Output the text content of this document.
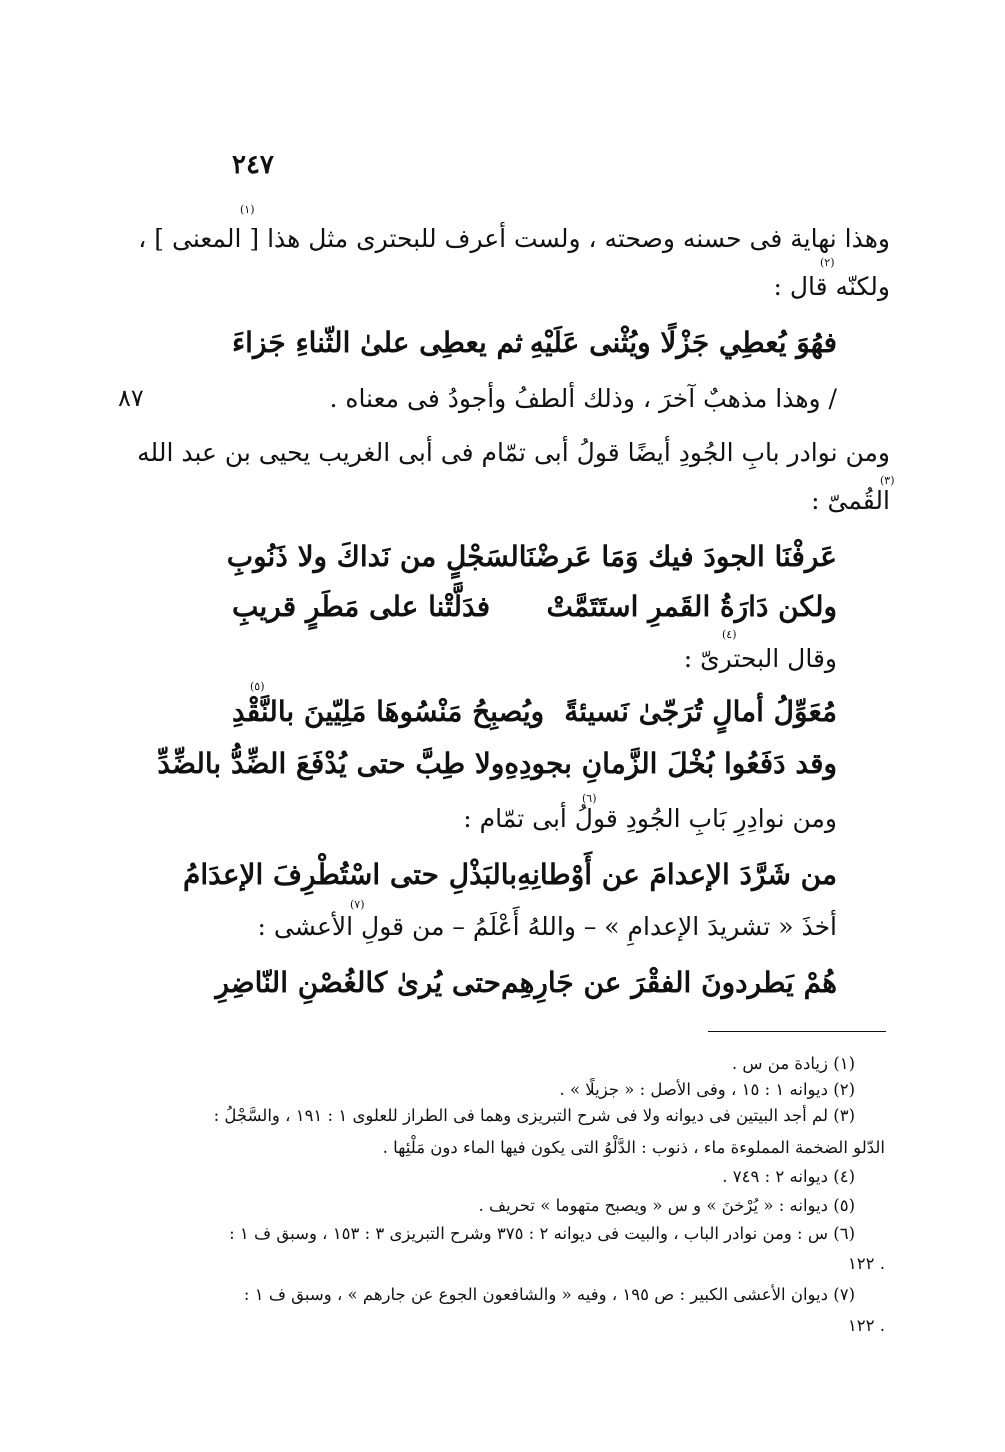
٢٤٧
٨٧
(١)
(٢)
(٣)
(٤)
(٥)
(٦)
(٧)
وهذا نهاية فى حسنه وصحته ، ولست أعرف للبحترى مثل هذا [ المعنى ] ،
ولكنّه قال :
فهُوَ يُعطِي جَزْلًا ويُثْنى عَلَيْهِ
ثم يعطِى علىٰ الثّناءِ جَزاءَ
/ وهذا مذهبٌ آخرَ ، وذلك ألطفُ وأجودُ فى معناه .
ومن نوادر بابِ الجُودِ أيضًا قولُ أبى تمّام فى أبى الغريب يحيى بن عبد الله
القُمىّ :
عَرفْنَا الجودَ فيك وَمَا عَرضْنَا
لسَجْلٍ من نَداكَ ولا ذَنُوبِ
ولكن دَارَةُ القَمرِ استَتَمَّتْ
فدَلَّتْنا على مَطَرٍ قريبِ
وقال البحترىّ :
مُعَوِّلُ أمالٍ تُرَجّىٰ نَسيئةً
ويُصبِحُ مَنْسُوهَا مَلِيّينَ بالنَّقْدِ
وقد دَفَعُوا بُخْلَ الزَّمانِ بجودِهِ
ولا طِبَّ حتى يُدْفَعَ الضِّدُّ بالضِّدِّ
ومن نوادِرِ بَابِ الجُودِ قولُ أبى تمّام :
من شَرَّدَ الإعدامَ عن أَوْطانِهِ
بالبَذْلِ حتى اسْتُطْرِفَ الإعدَامُ
أخذَ « تشريدَ الإعدامِ » – واللهُ أَعْلَمُ – من قولِ الأعشى :
هُمْ يَطردونَ الفقْرَ عن جَارِهِم
حتى يُرىٰ كالغُصْنِ النّاضِرِ
(١) زيادة من س .
(٢) ديوانه ١ : ١٥ ، وفى الأصل : « جزيلًا » .
(٣) لم أجد البيتين فى ديوانه ولا فى شرح التبريزى وهما فى الطراز للعلوى ١ : ١٩١ ، والسَّجْلُ :
الدّلو الضخمة المملوءة ماء ، ذنوب : الدَّلْوُ التى يكون فيها الماء دون مَلْئِها .
(٤) ديوانه ٢ : ٧٤٩ .
(٥) ديوانه : « يُرْخنَ » و س « ويصبح متهوما » تحريف .
(٦) س : ومن نوادر الباب ، والبيت فى ديوانه ٢ : ٣٧٥ وشرح التبريزى ٣ : ١٥٣ ، وسبق ف ١ :
١٢٢ .
(٧) ديوان الأعشى الكبير : ص ١٩٥ ، وفيه « والشافعون الجوع عن جارهم » ، وسبق ف ١ :
١٢٢ .
